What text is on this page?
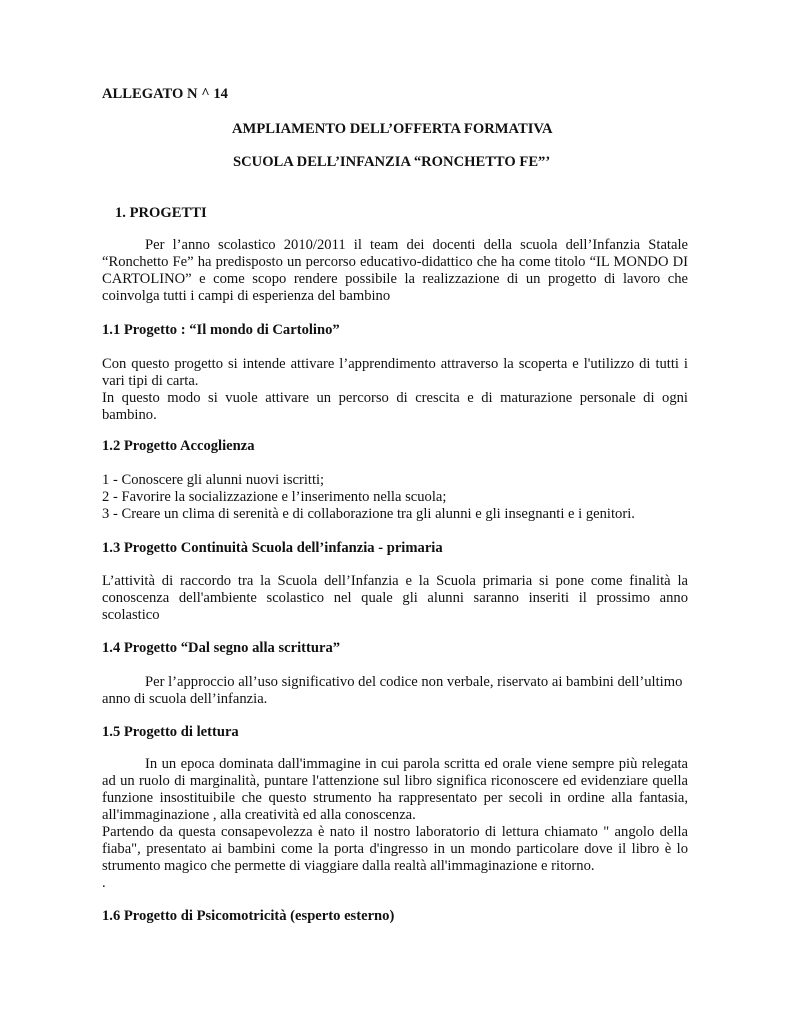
ALLEGATO N ^ 14
AMPLIAMENTO DELL’OFFERTA FORMATIVA
SCUOLA DELL’INFANZIA “RONCHETTO FE”’
1. PROGETTI
Per l’anno scolastico 2010/2011 il team dei docenti della scuola dell’Infanzia Statale
“Ronchetto Fe” ha predisposto un percorso educativo-didattico che ha come titolo “IL MONDO DI
CARTOLINO” e come scopo rendere possibile la realizzazione di un progetto di lavoro che
coinvolga tutti i campi di esperienza del bambino
1.1 Progetto : “Il mondo di Cartolino”
Con questo progetto si intende attivare l’apprendimento attraverso la scoperta e l'utilizzo di tutti i
vari tipi di carta.
In questo modo si vuole attivare un percorso di crescita e di maturazione personale di ogni
bambino.
1.2 Progetto Accoglienza
1 - Conoscere gli alunni nuovi iscritti;
2 - Favorire la socializzazione e l’inserimento nella scuola;
3 - Creare un clima di serenità e di collaborazione tra gli alunni e gli insegnanti e i genitori.
1.3 Progetto Continuità Scuola dell’infanzia - primaria
L’attività di raccordo tra la Scuola dell’Infanzia e la Scuola primaria si pone come finalità la
conoscenza dell'ambiente scolastico nel quale gli alunni saranno inseriti il prossimo anno
scolastico
1.4 Progetto “Dal segno alla scrittura”
Per l’approccio all’uso significativo del codice non verbale, riservato ai bambini dell’ultimo
anno di scuola dell’infanzia.
1.5 Progetto di lettura
In un epoca dominata dall'immagine in cui parola scritta ed orale viene sempre più relegata
ad un ruolo di marginalità, puntare l'attenzione sul libro significa riconoscere ed evidenziare quella
funzione insostituibile che questo strumento ha rappresentato per secoli in ordine alla fantasia,
all'immaginazione , alla creatività ed alla conoscenza.
Partendo da questa consapevolezza è nato il nostro laboratorio di lettura chiamato " angolo della
fiaba", presentato ai bambini come la porta d'ingresso in un mondo particolare dove il libro è lo
strumento magico che permette di viaggiare dalla realtà all'immaginazione e ritorno.
.
1.6 Progetto di Psicomotricità (esperto esterno)
